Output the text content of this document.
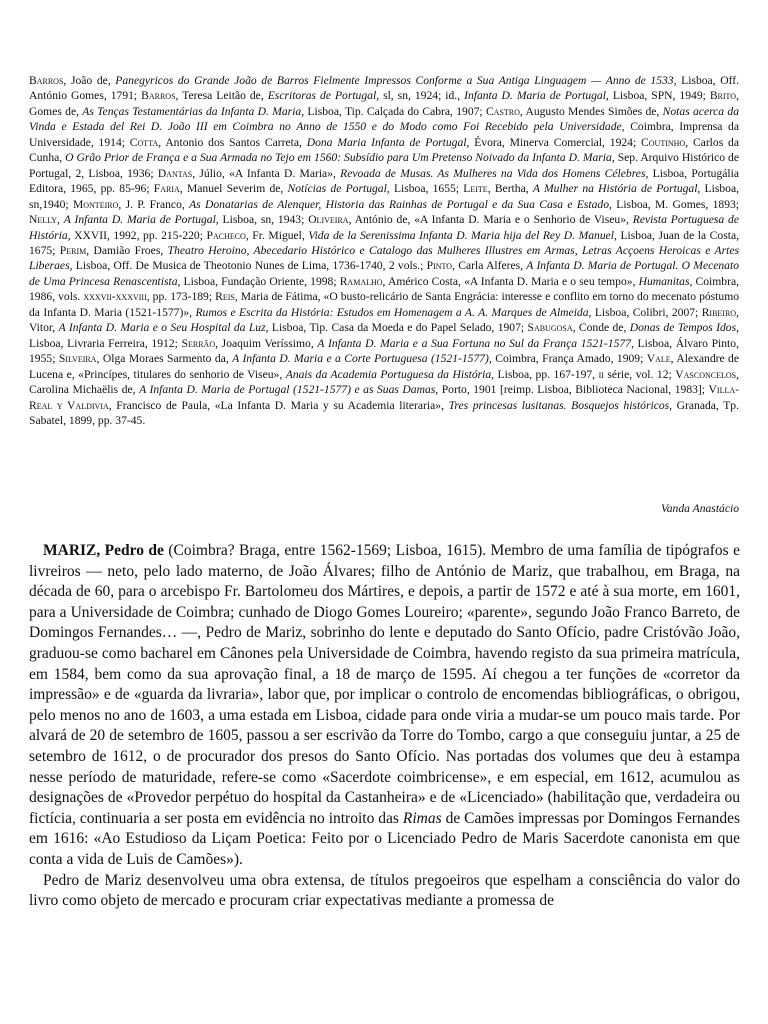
Barros, João de, Panegyricos do Grande João de Barros Fielmente Impressos Conforme a Sua Antiga Linguagem — Anno de 1533, Lisboa, Off. António Gomes, 1791; Barros, Teresa Leitão de, Escritoras de Portugal, sl, sn, 1924; id., Infanta D. Maria de Portugal, Lisboa, SPN, 1949; Brito, Gomes de, As Tenças Testamentárias da Infanta D. Maria, Lisboa, Tip. Calçada do Cabra, 1907; Castro, Augusto Mendes Simões de, Notas acerca da Vinda e Estada del Rei D. João III em Coimbra no Anno de 1550 e do Modo como Foi Recebido pela Universidade, Coimbra, Imprensa da Universidade, 1914; Cotta, Antonio dos Santos Carreta, Dona Maria Infanta de Portugal, Évora, Minerva Comercial, 1924; Coutinho, Carlos da Cunha, O Grão Prior de França e a Sua Armada no Tejo em 1560: Subsídio para Um Pretenso Noivado da Infanta D. Maria, Sep. Arquivo Histórico de Portugal, 2, Lisboa, 1936; Dantas, Júlio, «A Infanta D. Maria», Revoada de Musas. As Mulheres na Vida dos Homens Célebres, Lisboa, Portugália Editora, 1965, pp. 85-96; Faria, Manuel Severim de, Notícias de Portugal, Lisboa, 1655; Leite, Bertha, A Mulher na História de Portugal, Lisboa, sn,1940; Monteiro, J. P. Franco, As Donatarias de Alenquer, Historia das Rainhas de Portugal e da Sua Casa e Estado, Lisboa, M. Gomes, 1893; Nelly, A Infanta D. Maria de Portugal, Lisboa, sn, 1943; Oliveira, António de, «A Infanta D. Maria e o Senhorio de Viseu», Revista Portuguesa de História, XXVII, 1992, pp. 215-220; Pacheco, Fr. Miguel, Vida de la Serenissima Infanta D. Maria hija del Rey D. Manuel, Lisboa, Juan de la Costa, 1675; Perim, Damião Froes, Theatro Heroino, Abecedario Histórico e Catalogo das Mulheres Illustres em Armas, Letras Acçoens Heroicas e Artes Liberaes, Lisboa, Off. De Musica de Theotonio Nunes de Lima, 1736-1740, 2 vols.; Pinto, Carla Alferes, A Infanta D. Maria de Portugal. O Mecenato de Uma Princesa Renascentista, Lisboa, Fundação Oriente, 1998; Ramalho, Américo Costa, «A Infanta D. Maria e o seu tempo», Humanitas, Coimbra, 1986, vols. xxxvii-xxxviii, pp. 173-189; Reis, Maria de Fátima, «O busto-relicário de Santa Engrácia: interesse e conflito em torno do mecenato póstumo da Infanta D. Maria (1521-1577)», Rumos e Escrita da História: Estudos em Homenagem a A. A. Marques de Almeida, Lisboa, Colibri, 2007; Ribeiro, Vitor, A Infanta D. Maria e o Seu Hospital da Luz, Lisboa, Tip. Casa da Moeda e do Papel Selado, 1907; Sabugosa, Conde de, Donas de Tempos Idos, Lisboa, Livraria Ferreira, 1912; Serrão, Joaquim Veríssimo, A Infanta D. Maria e a Sua Fortuna no Sul da França 1521-1577, Lisboa, Álvaro Pinto, 1955; Silveira, Olga Moraes Sarmento da, A Infanta D. Maria e a Corte Portuguesa (1521-1577), Coimbra, França Amado, 1909; Vale, Alexandre de Lucena e, «Princípes, titulares do senhorio de Viseu», Anais da Academia Portuguesa da História, Lisboa, pp. 167-197, ii série, vol. 12; Vasconcelos, Carolina Michaëlis de, A Infanta D. Maria de Portugal (1521-1577) e as Suas Damas, Porto, 1901 [reimp. Lisboa, Biblioteca Nacional, 1983]; Villa-Real y Valdivia, Francisco de Paula, «La Infanta D. Maria y su Academia literaria», Tres princesas lusitanas. Bosquejos históricos, Granada, Tp. Sabatel, 1899, pp. 37-45.
Vanda Anastácio

MARIZ, Pedro de (Coimbra? Braga, entre 1562-1569; Lisboa, 1615). Membro de uma família de tipógrafos e livreiros — neto, pelo lado materno, de João Álvares; filho de António de Mariz, que trabalhou, em Braga, na década de 60, para o arcebispo Fr. Bartolomeu dos Mártires, e depois, a partir de 1572 e até à sua morte, em 1601, para a Universidade de Coimbra; cunhado de Diogo Gomes Loureiro; «parente», segundo João Franco Barreto, de Domingos Fernandes… —, Pedro de Mariz, sobrinho do lente e deputado do Santo Ofício, padre Cristóvão João, graduou-se como bacharel em Cânones pela Universidade de Coimbra, havendo registo da sua primeira matrícula, em 1584, bem como da sua aprovação final, a 18 de março de 1595. Aí chegou a ter funções de «corretor da impressão» e de «guarda da livraria», labor que, por implicar o controlo de encomendas bibliográficas, o obrigou, pelo menos no ano de 1603, a uma estada em Lisboa, cidade para onde viria a mudar-se um pouco mais tarde. Por alvará de 20 de setembro de 1605, passou a ser escrivão da Torre do Tombo, cargo a que conseguiu juntar, a 25 de setembro de 1612, o de procurador dos presos do Santo Ofício. Nas portadas dos volumes que deu à estampa nesse período de maturidade, refere-se como «Sacerdote coimbricense», e em especial, em 1612, acumulou as designações de «Provedor perpétuo do hospital da Castanheira» e de «Licenciado» (habilitação que, verdadeira ou fictícia, continuaria a ser posta em evidência no introito das Rimas de Camões impressas por Domingos Fernandes em 1616: «Ao Estudioso da Liçam Poetica: Feito por o Licenciado Pedro de Maris Sacerdote canonista em que conta a vida de Luis de Camões»).

Pedro de Mariz desenvolveu uma obra extensa, de títulos pregoeiros que espelham a consciência do valor do livro como objeto de mercado e procuram criar expectativas mediante a promessa de
